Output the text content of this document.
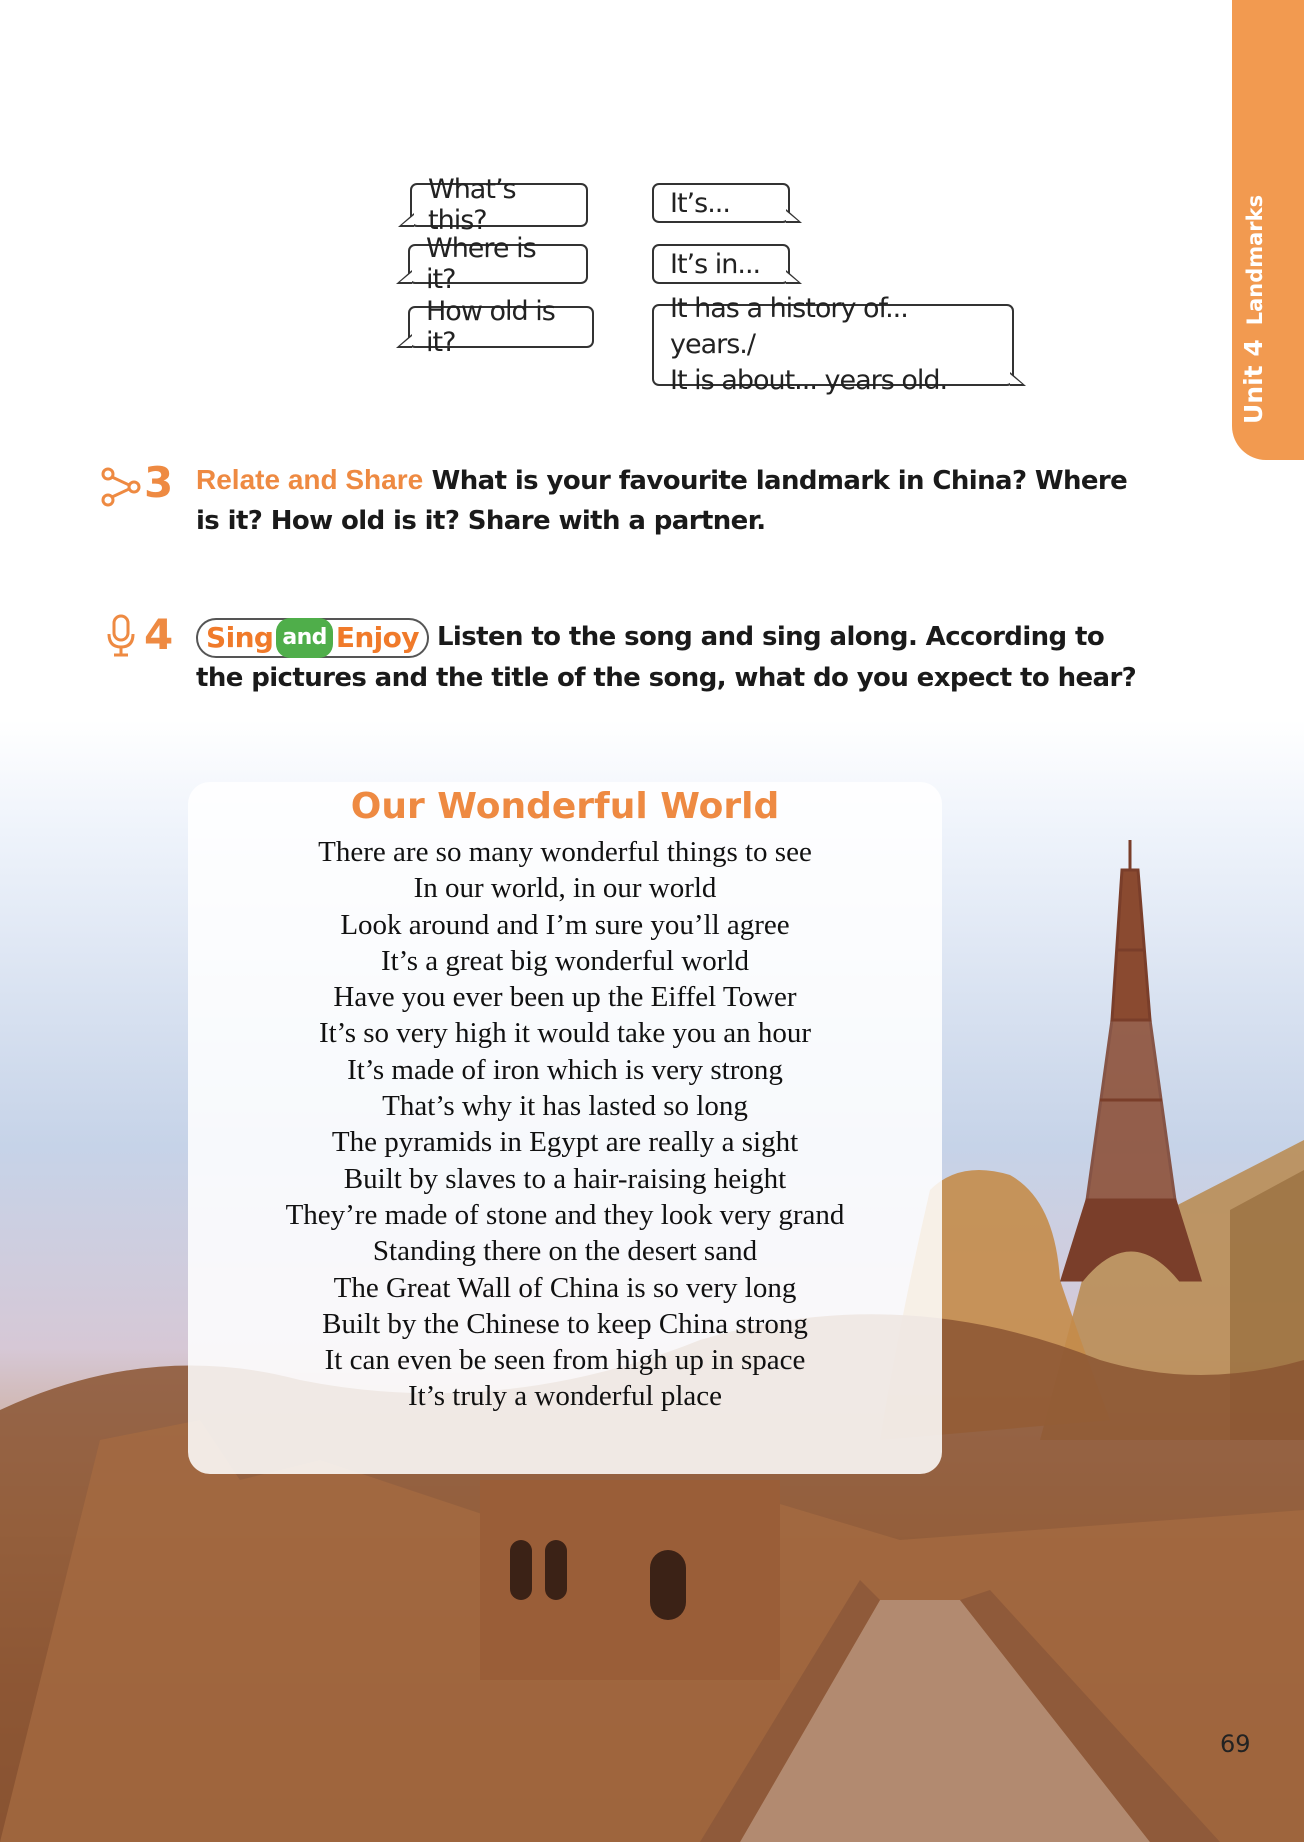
Unit 4Landmarks
What’s this?
It’s...
Where is it?	It’s in...
How old is it?
It has a history of... years./
It is about... years old.
3 Relate and Share What is your favourite landmark in China? Where is it? How old is it? Share with a partner.
4 Sing and Enjoy Listen to the song and sing along. According to the pictures and the title of the song, what do you expect to hear?
Our Wonderful World
There are so many wonderful things to see
In our world, in our world
Look around and I’m sure you’ll agree
It’s a great big wonderful world
Have you ever been up the Eiffel Tower
It’s so very high it would take you an hour
It’s made of iron which is very strong
That’s why it has lasted so long
The pyramids in Egypt are really a sight
Built by slaves to a hair-raising height
They’re made of stone and they look very grand
Standing there on the desert sand
The Great Wall of China is so very long
Built by the Chinese to keep China strong
It can even be seen from high up in space
It’s truly a wonderful place
69
